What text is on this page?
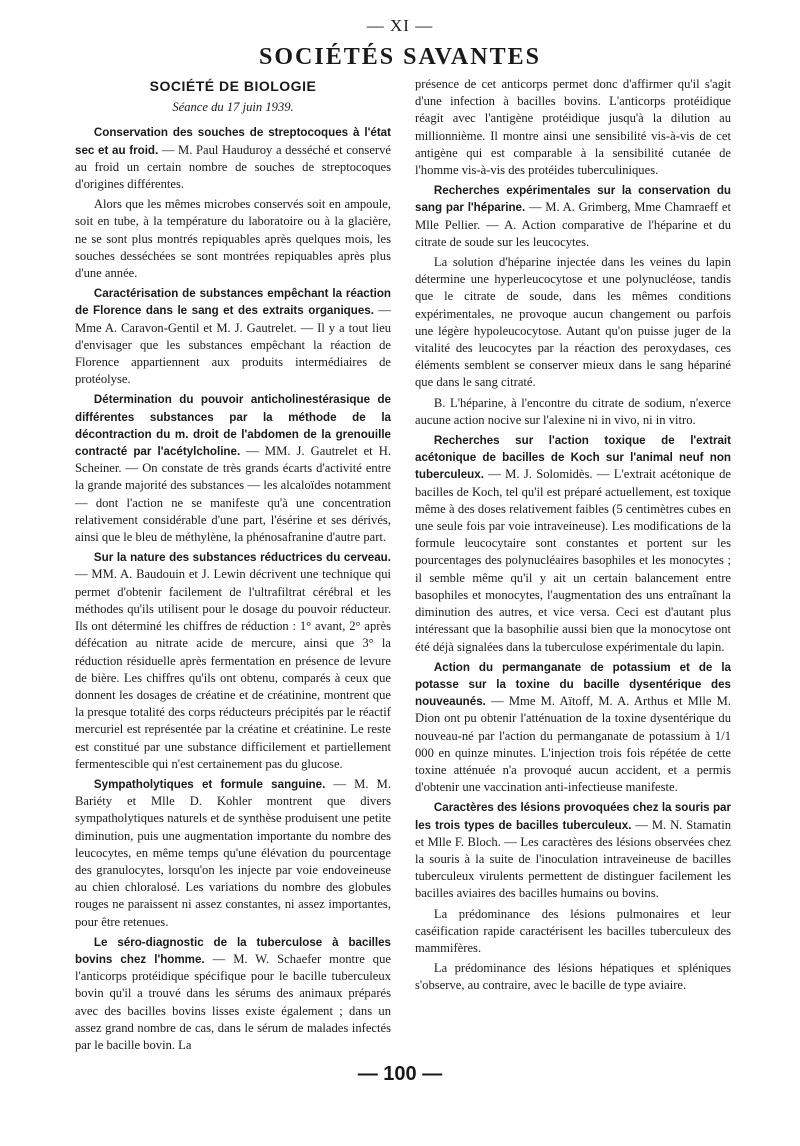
— XI —
SOCIÉTÉS SAVANTES
SOCIÉTÉ DE BIOLOGIE
Séance du 17 juin 1939.

Conservation des souches de streptocoques à l'état sec et au froid. — M. Paul Hauduroy a desséché et conservé au froid un certain nombre de souches de streptocoques d'origines différentes.

Alors que les mêmes microbes conservés soit en ampoule, soit en tube, à la température du laboratoire ou à la glacière, ne se sont plus montrés repiquables après quelques mois, les souches desséchées se sont montrées repiquables après plus d'une année.

Caractérisation de substances empêchant la réaction de Florence dans le sang et des extraits organiques. — Mme A. Caravon-Gentil et M. J. Gautrelet. — Il y a tout lieu d'envisager que les substances empêchant la réaction de Florence appartiennent aux produits intermédiaires de protéolyse.

Détermination du pouvoir anticholinestérasique de différentes substances par la méthode de la décontraction du m. droit de l'abdomen de la grenouille contracté par l'acétylcholine. — MM. J. Gautrelet et H. Scheiner. — On constate de très grands écarts d'activité entre la grande majorité des substances — les alcaloïdes notamment — dont l'action ne se manifeste qu'à une concentration relativement considérable d'une part, l'ésérine et ses dérivés, ainsi que le bleu de méthylène, la phénosafranine d'autre part.

Sur la nature des substances réductrices du cerveau. — MM. A. Baudouin et J. Lewin décrivent une technique qui permet d'obtenir facilement de l'ultrafiltrat cérébral et les méthodes qu'ils utilisent pour le dosage du pouvoir réducteur. Ils ont déterminé les chiffres de réduction : 1° avant, 2° après défécation au nitrate acide de mercure, ainsi que 3° la réduction résiduelle après fermentation en présence de levure de bière. Les chiffres qu'ils ont obtenu, comparés à ceux que donnent les dosages de créatine et de créatinine, montrent que la presque totalité des corps réducteurs précipités par le réactif mercuriel est représentée par la créatine et créatinine. Le reste est constitué par une substance difficilement et partiellement fermentescible qui n'est certainement pas du glucose.

Sympatholytiques et formule sanguine. — M. M. Bariéty et Mlle D. Kohler montrent que divers sympatholytiques naturels et de synthèse produisent une petite diminution, puis une augmentation importante du nombre des leucocytes, en même temps qu'une élévation du pourcentage des granulocytes, lorsqu'on les injecte par voie endoveineuse au chien chloralosé. Les variations du nombre des globules rouges ne paraissent ni assez constantes, ni assez importantes, pour être retenues.

Le séro-diagnostic de la tuberculose à bacilles bovins chez l'homme. — M. W. Schaefer montre que l'anticorps protéidique spécifique pour le bacille tuberculeux bovin qu'il a trouvé dans les sérums des animaux préparés avec des bacilles bovins lisses existe également ; dans un assez grand nombre de cas, dans le sérum de malades infectés par le bacille bovin. La

présence de cet anticorps permet donc d'affirmer qu'il s'agit d'une infection à bacilles bovins. L'anticorps protéidique réagit avec l'antigène protéidique jusqu'à la dilution au millionnième. Il montre ainsi une sensibilité vis-à-vis de cet antigène qui est comparable à la sensibilité cutanée de l'homme vis-à-vis des protéides tuberculiniques.

Recherches expérimentales sur la conservation du sang par l'héparine. — M. A. Grimberg, Mme Chamraeff et Mlle Pellier. — A. Action comparative de l'héparine et du citrate de soude sur les leucocytes.

La solution d'héparine injectée dans les veines du lapin détermine une hyperleucocytose et une polynucléose, tandis que le citrate de soude, dans les mêmes conditions expérimentales, ne provoque aucun changement ou parfois une légère hypoleucocytose. Autant qu'on puisse juger de la vitalité des leucocytes par la réaction des peroxydases, ces éléments semblent se conserver mieux dans le sang hépariné que dans le sang citraté.

B. L'héparine, à l'encontre du citrate de sodium, n'exerce aucune action nocive sur l'alexine ni in vivo, ni in vitro.

Recherches sur l'action toxique de l'extrait acétonique de bacilles de Koch sur l'animal neuf non tuberculeux. — M. J. Solomidès. — L'extrait acétonique de bacilles de Koch, tel qu'il est préparé actuellement, est toxique même à des doses relativement faibles (5 centimètres cubes en une seule fois par voie intraveineuse). Les modifications de la formule leucocytaire sont constantes et portent sur les pourcentages des polynucléaires basophiles et les monocytes ; il semble même qu'il y ait un certain balancement entre basophiles et monocytes, l'augmentation des uns entraînant la diminution des autres, et vice versa. Ceci est d'autant plus intéressant que la basophilie aussi bien que la monocytose ont été déjà signalées dans la tuberculose expérimentale du lapin.

Action du permanganate de potassium et de la potasse sur la toxine du bacille dysentérique des nouveaunés. — Mme M. Aïtoff, M. A. Arthus et Mlle M. Dion ont pu obtenir l'atténuation de la toxine dysentérique du nouveau-né par l'action du permanganate de potassium à 1/1 000 en quinze minutes. L'injection trois fois répétée de cette toxine atténuée n'a provoqué aucun accident, et a permis d'obtenir une vaccination anti-infectieuse manifeste.

Caractères des lésions provoquées chez la souris par les trois types de bacilles tuberculeux. — M. N. Stamatin et Mlle F. Bloch. — Les caractères des lésions observées chez la souris à la suite de l'inoculation intraveineuse de bacilles tuberculeux virulents permettent de distinguer facilement les bacilles aviaires des bacilles humains ou bovins.

La prédominance des lésions pulmonaires et leur caséification rapide caractérisent les bacilles tuberculeux des mammifères.

La prédominance des lésions hépatiques et spléniques s'observe, au contraire, avec le bacille de type aviaire.

— 100 —
